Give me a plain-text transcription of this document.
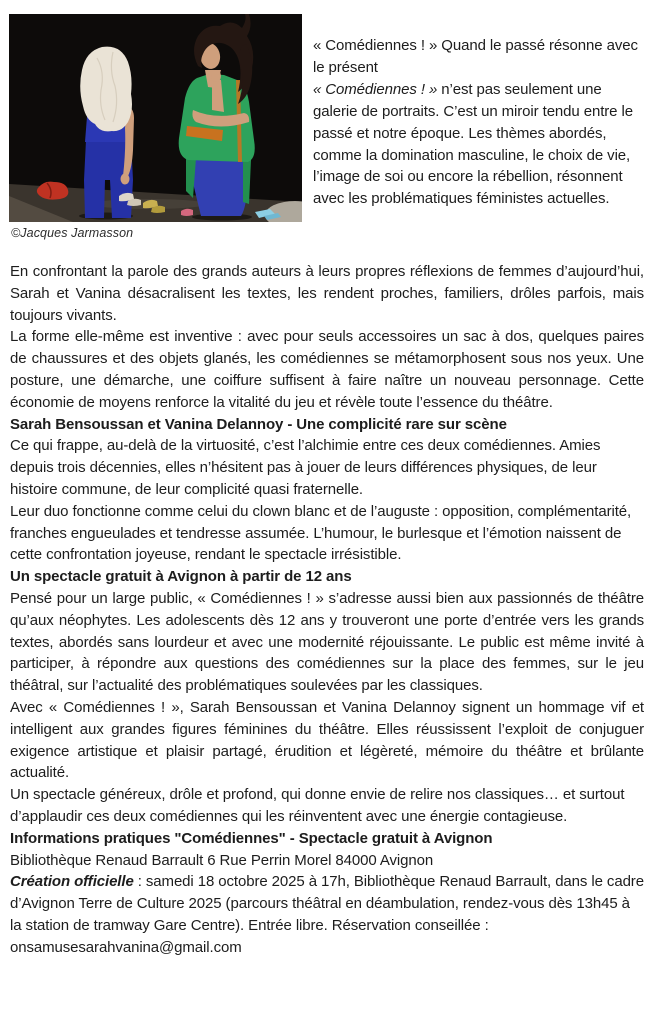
©Jacques Jarmasson

« Comédiennes ! » Quand le passé résonne avec le présent

« Comédiennes ! » n’est pas seulement une galerie de portraits. C’est un miroir tendu entre le passé et notre époque. Les thèmes abordés, comme la domination masculine, le choix de vie, l’image de soi ou encore la rébellion, résonnent avec les problématiques féministes actuelles.

En confrontant la parole des grands auteurs à leurs propres réflexions de femmes d’aujourd’hui, Sarah et Vanina désacralisent les textes, les rendent proches, familiers, drôles parfois, mais toujours vivants.

La forme elle-même est inventive : avec pour seuls accessoires un sac à dos, quelques paires de chaussures et des objets glanés, les comédiennes se métamorphosent sous nos yeux. Une posture, une démarche, une coiffure suffisent à faire naître un nouveau personnage. Cette économie de moyens renforce la vitalité du jeu et révèle toute l’essence du théâtre.

Sarah Bensoussan et Vanina Delannoy - Une complicité rare sur scène

Ce qui frappe, au-delà de la virtuosité, c’est l’alchimie entre ces deux comédiennes. Amies depuis trois décennies, elles n’hésitent pas à jouer de leurs différences physiques, de leur histoire commune, de leur complicité quasi fraternelle.

Leur duo fonctionne comme celui du clown blanc et de l’auguste : opposition, complémentarité, franches engueulades et tendresse assumée. L’humour, le burlesque et l’émotion naissent de cette confrontation joyeuse, rendant le spectacle irrésistible.

Un spectacle gratuit à Avignon à partir de 12 ans

Pensé pour un large public, « Comédiennes ! » s’adresse aussi bien aux passionnés de théâtre qu’aux néophytes. Les adolescents dès 12 ans y trouveront une porte d’entrée vers les grands textes, abordés sans lourdeur et avec une modernité réjouissante. Le public est même invité à participer, à répondre aux questions des comédiennes sur la place des femmes, sur le jeu théâtral, sur l’actualité des problématiques soulevées par les classiques.

Avec « Comédiennes ! », Sarah Bensoussan et Vanina Delannoy signent un hommage vif et intelligent aux grandes figures féminines du théâtre. Elles réussissent l’exploit de conjuguer exigence artistique et plaisir partagé, érudition et légèreté, mémoire du théâtre et brûlante actualité.

Un spectacle généreux, drôle et profond, qui donne envie de relire nos classiques… et surtout d’applaudir ces deux comédiennes qui les réinventent avec une énergie contagieuse.

Informations pratiques "Comédiennes" - Spectacle gratuit à Avignon

Bibliothèque Renaud Barrault 6 Rue Perrin Morel 84000 Avignon

Création officielle : samedi 18 octobre 2025 à 17h, Bibliothèque Renaud Barrault, dans le cadre d’Avignon Terre de Culture 2025 (parcours théâtral en déambulation, rendez-vous dès 13h45 à la station de tramway Gare Centre). Entrée libre. Réservation conseillée :

onsamusesarahvanina@gmail.com
